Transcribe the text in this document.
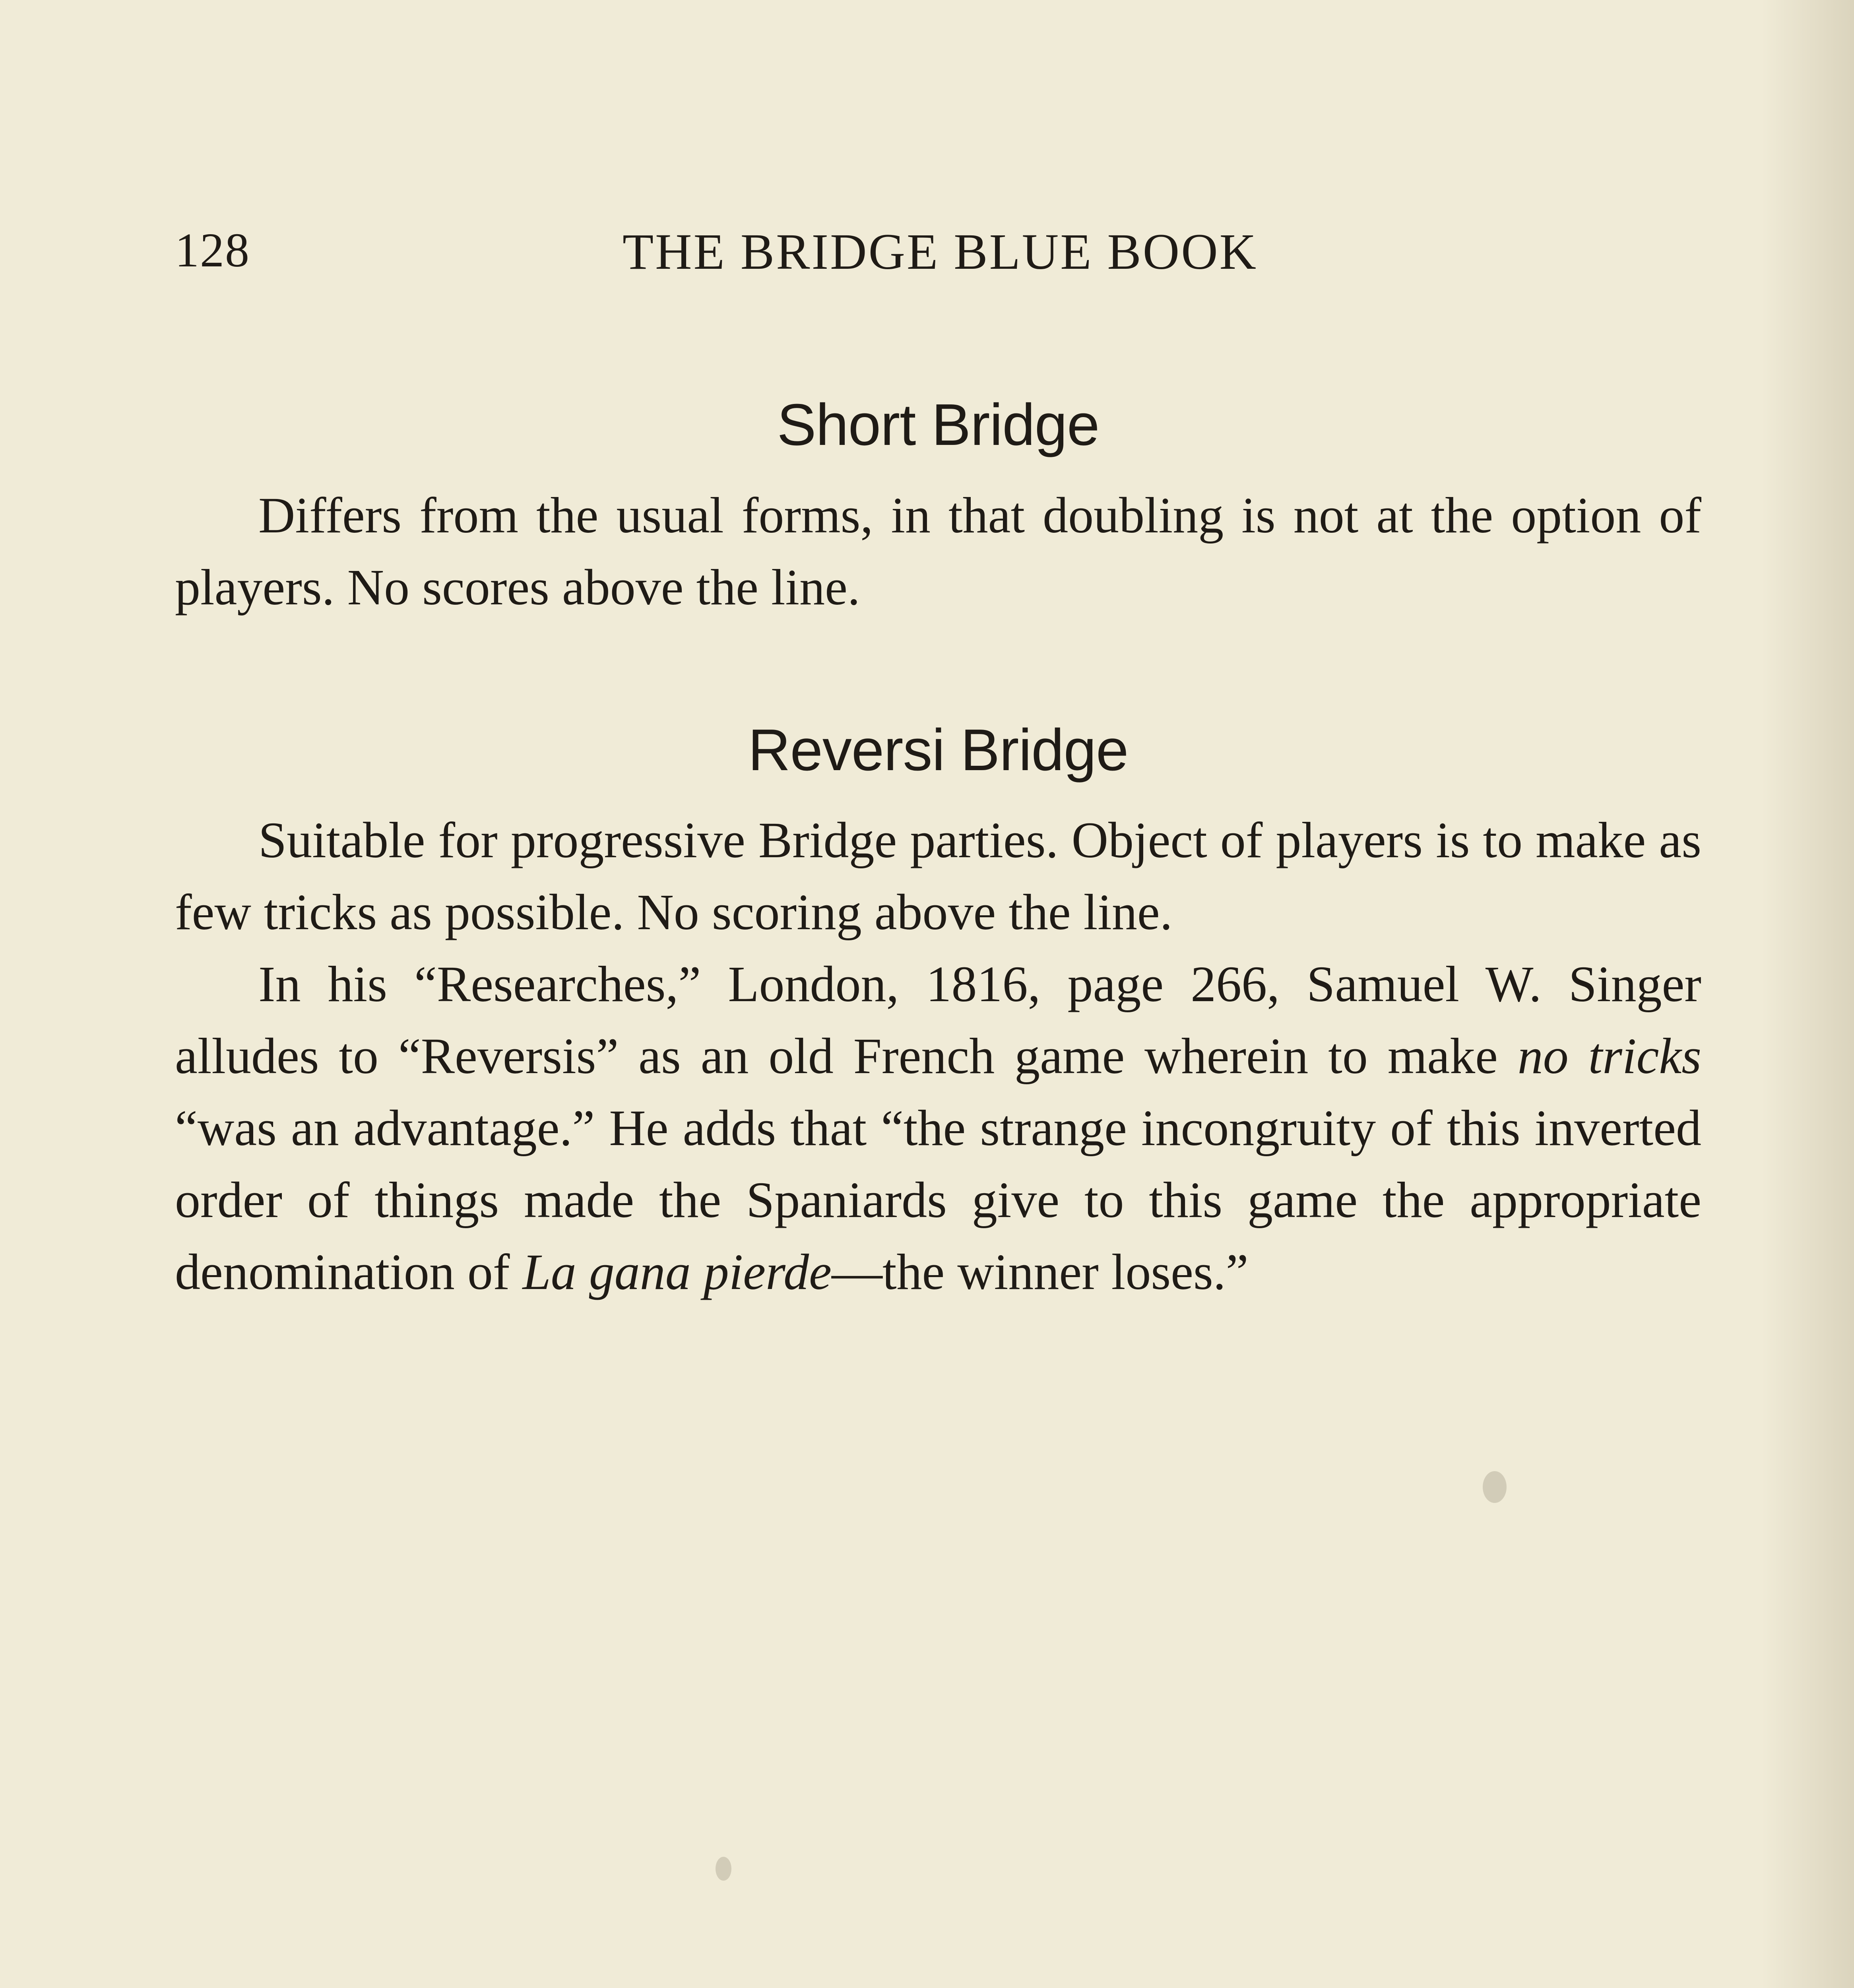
128	THE BRIDGE BLUE BOOK
Short Bridge

Differs from the usual forms, in that doubling is not at the option of players. No scores above the line.

Reversi Bridge

Suitable for progressive Bridge parties. Object of players is to make as few tricks as possible. No scoring above the line.

In his “Researches,” London, 1816, page 266, Samuel W. Singer alludes to “Reversis” as an old French game wherein to make no tricks “was an advantage.” He adds that “the strange incongruity of this inverted order of things made the Spaniards give to this game the appropriate denomination of La gana pierde—the winner loses.”
